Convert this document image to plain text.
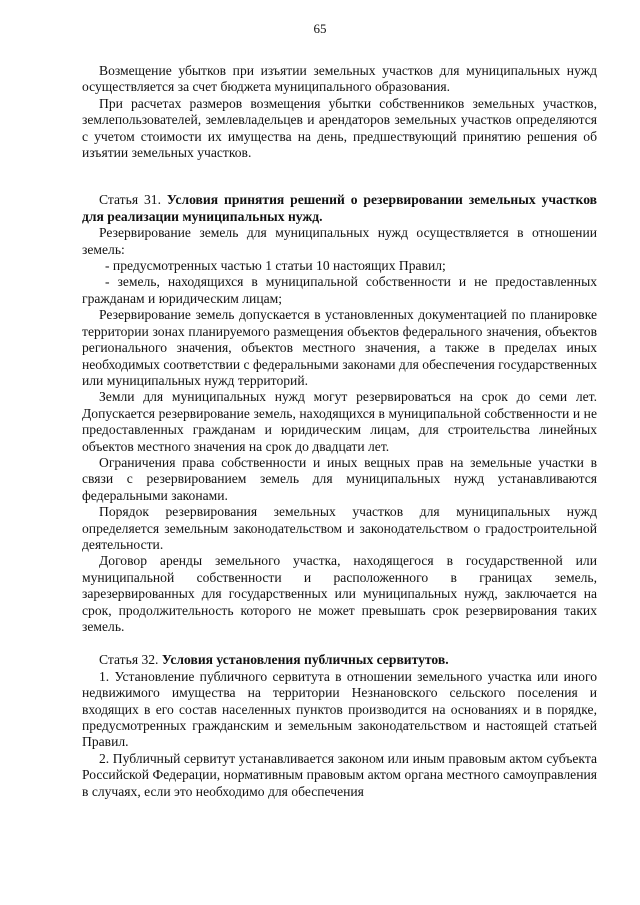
65

Возмещение убытков при изъятии земельных участков для муниципальных нужд осуществляется за счет бюджета муниципального образования.

При расчетах размеров возмещения убытки собственников земельных участков, землепользователей, землевладельцев и арендаторов земельных участков определяются с учетом стоимости их имущества на день, предшествующий принятию решения об изъятии земельных участков.

Статья 31. Условия принятия решений о резервировании земельных участков для реализации муниципальных нужд.

Резервирование земель для муниципальных нужд осуществляется в отношении земель:

- предусмотренных частью 1 статьи 10 настоящих Правил;

- земель, находящихся в муниципальной собственности и не предоставленных гражданам и юридическим лицам;

Резервирование земель допускается в установленных документацией по планировке территории зонах планируемого размещения объектов федерального значения, объектов регионального значения, объектов местного значения, а также в пределах иных необходимых соответствии с федеральными законами для обеспечения государственных или муниципальных нужд территорий.

Земли для муниципальных нужд могут резервироваться на срок до семи лет. Допускается резервирование земель, находящихся в муниципальной собственности и не предоставленных гражданам и юридическим лицам, для строительства линейных объектов местного значения на срок до двадцати лет.

Ограничения права собственности и иных вещных прав на земельные участки в связи с резервированием земель для муниципальных нужд устанавливаются федеральными законами.

Порядок резервирования земельных участков для муниципальных нужд определяется земельным законодательством и законодательством о градостроительной деятельности.

Договор аренды земельного участка, находящегося в государственной или муниципальной собственности и расположенного в границах земель, зарезервированных для государственных или муниципальных нужд, заключается на срок, продолжительность которого не может превышать срок резервирования таких земель.

Статья 32. Условия установления публичных сервитутов.

1. Установление публичного сервитута в отношении земельного участка или иного недвижимого имущества на территории Незнановского сельского поселения и входящих в его состав населенных пунктов производится на основаниях и в порядке, предусмотренных гражданским и земельным законодательством и настоящей статьей Правил.

2. Публичный сервитут устанавливается законом или иным правовым актом субъекта Российской Федерации, нормативным правовым актом органа местного самоуправления в случаях, если это необходимо для обеспечения
